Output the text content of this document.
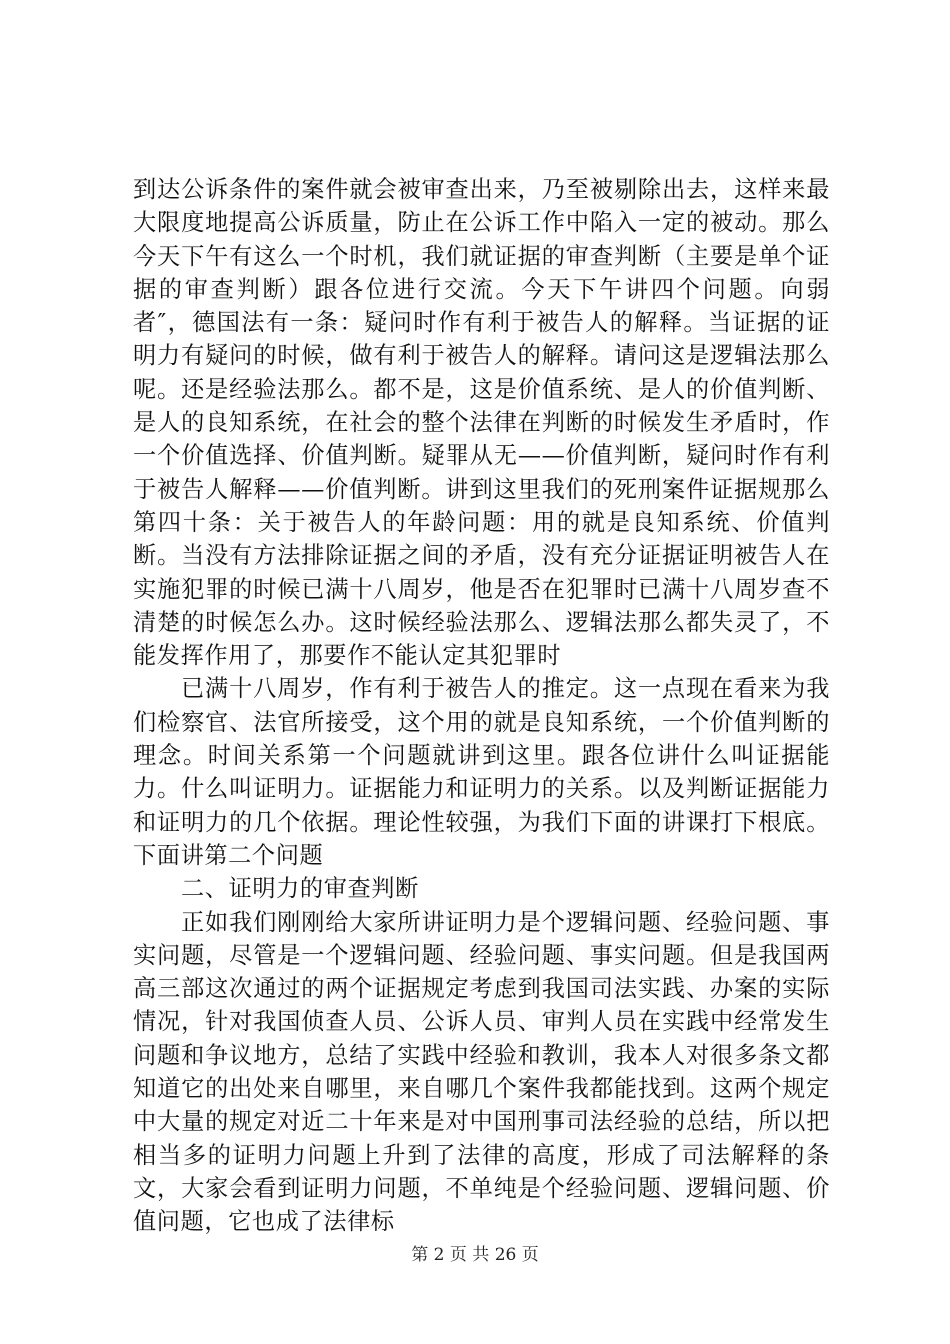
到达公诉条件的案件就会被审查出来，乃至被剔除出去，这样来最大限度地提高公诉质量，防止在公诉工作中陷入一定的被动。那么今天下午有这么一个时机，我们就证据的审查判断（主要是单个证据的审查判断）跟各位进行交流。今天下午讲四个问题。向弱者″，德国法有一条：疑问时作有利于被告人的解释。当证据的证明力有疑问的时候，做有利于被告人的解释。请问这是逻辑法那么呢。还是经验法那么。都不是，这是价值系统、是人的价值判断、是人的良知系统，在社会的整个法律在判断的时候发生矛盾时，作一个价值选择、价值判断。疑罪从无——价值判断，疑问时作有利于被告人解释——价值判断。讲到这里我们的死刑案件证据规那么第四十条：关于被告人的年龄问题：用的就是良知系统、价值判断。当没有方法排除证据之间的矛盾，没有充分证据证明被告人在实施犯罪的时候已满十八周岁，他是否在犯罪时已满十八周岁查不清楚的时候怎么办。这时候经验法那么、逻辑法那么都失灵了，不能发挥作用了，那要作不能认定其犯罪时

已满十八周岁，作有利于被告人的推定。这一点现在看来为我们检察官、法官所接受，这个用的就是良知系统，一个价值判断的理念。时间关系第一个问题就讲到这里。跟各位讲什么叫证据能力。什么叫证明力。证据能力和证明力的关系。以及判断证据能力和证明力的几个依据。理论性较强，为我们下面的讲课打下根底。下面讲第二个问题

二、证明力的审查判断

正如我们刚刚给大家所讲证明力是个逻辑问题、经验问题、事实问题，尽管是一个逻辑问题、经验问题、事实问题。但是我国两高三部这次通过的两个证据规定考虑到我国司法实践、办案的实际情况，针对我国侦查人员、公诉人员、审判人员在实践中经常发生问题和争议地方，总结了实践中经验和教训，我本人对很多条文都知道它的出处来自哪里，来自哪几个案件我都能找到。这两个规定中大量的规定对近二十年来是对中国刑事司法经验的总结，所以把相当多的证明力问题上升到了法律的高度，形成了司法解释的条文，大家会看到证明力问题，不单纯是个经验问题、逻辑问题、价值问题，它也成了法律标

第 2 页 共 26 页
